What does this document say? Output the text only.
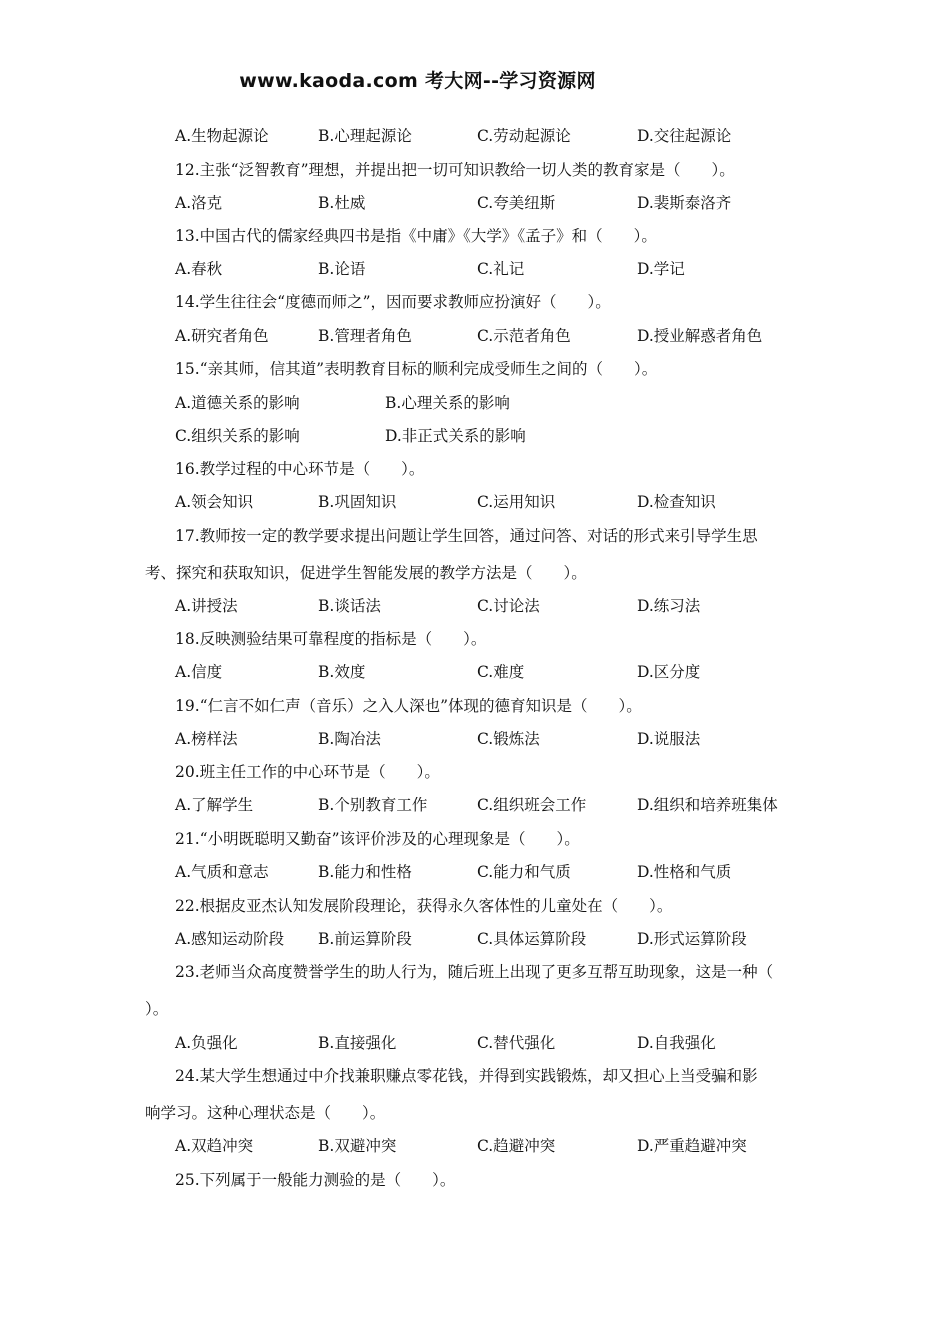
www.kaoda.com 考大网--学习资源网
A.生物起源论	B.心理起源论	C.劳动起源论	D.交往起源论
12.主张“泛智教育”理想，并提出把一切可知识教给一切人类的教育家是（　　）。
A.洛克	B.杜威	C.夸美纽斯	D.裴斯泰洛齐
13.中国古代的儒家经典四书是指《中庸》《大学》《孟子》和（　　）。
A.春秋	B.论语	C.礼记	D.学记
14.学生往往会“度德而师之”，因而要求教师应扮演好（　　）。
A.研究者角色	B.管理者角色	C.示范者角色	D.授业解惑者角色
15.“亲其师，信其道”表明教育目标的顺利完成受师生之间的（　　）。
A.道德关系的影响	B.心理关系的影响
C.组织关系的影响	D.非正式关系的影响
16.教学过程的中心环节是（　　）。
A.领会知识	B.巩固知识	C.运用知识	D.检查知识
17.教师按一定的教学要求提出问题让学生回答，通过问答、对话的形式来引导学生思
考、探究和获取知识，促进学生智能发展的教学方法是（　　）。
A.讲授法	B.谈话法	C.讨论法	D.练习法
18.反映测验结果可靠程度的指标是（　　）。
A.信度	B.效度	C.难度	D.区分度
19.“仁言不如仁声（音乐）之入人深也”体现的德育知识是（　　）。
A.榜样法	B.陶冶法	C.锻炼法	D.说服法
20.班主任工作的中心环节是（　　）。
A.了解学生	B.个别教育工作	C.组织班会工作	D.组织和培养班集体
21.“小明既聪明又勤奋”该评价涉及的心理现象是（　　）。
A.气质和意志	B.能力和性格	C.能力和气质	D.性格和气质
22.根据皮亚杰认知发展阶段理论，获得永久客体性的儿童处在（　　）。
A.感知运动阶段 B.前运算阶段	C.具体运算阶段	D.形式运算阶段
23.老师当众高度赞誉学生的助人行为，随后班上出现了更多互帮互助现象，这是一种（
）。
A.负强化	B.直接强化	C.替代强化	D.自我强化
24.某大学生想通过中介找兼职赚点零花钱，并得到实践锻炼，却又担心上当受骗和影
响学习。这种心理状态是（　　）。
A.双趋冲突	B.双避冲突	C.趋避冲突	D.严重趋避冲突
25.下列属于一般能力测验的是（　　）。
